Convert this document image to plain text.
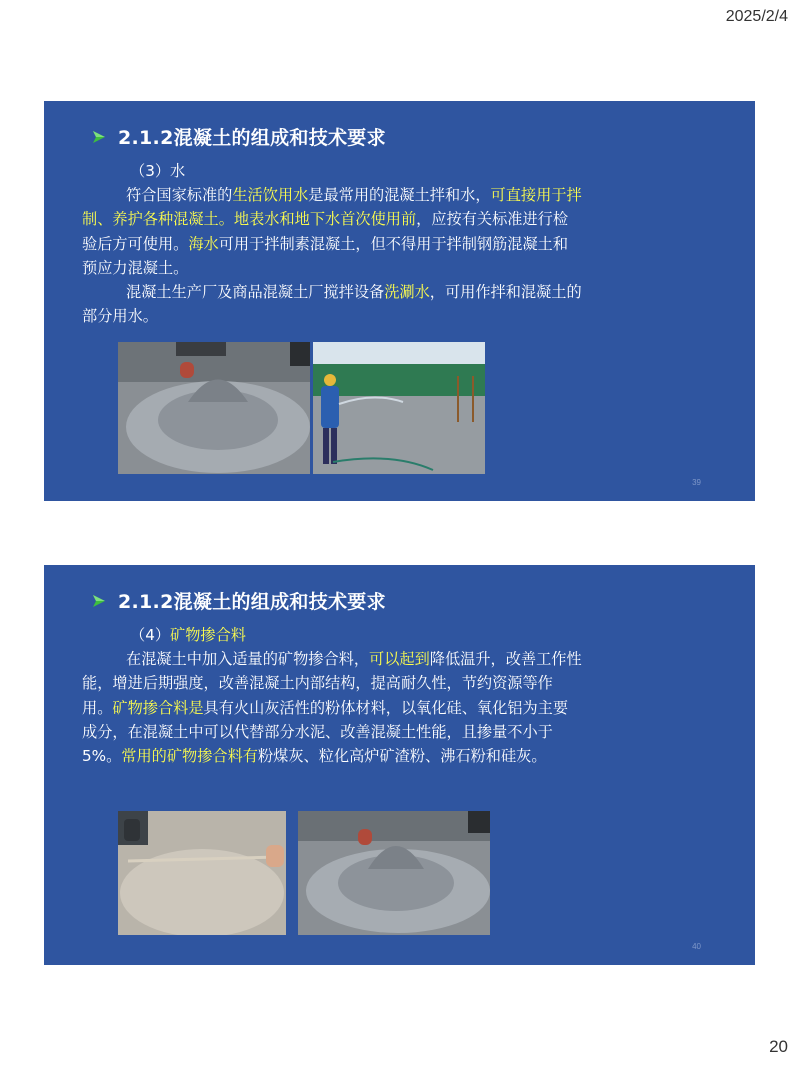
2025/2/4
2.1.2混凝土的组成和技术要求

（3）水

符合国家标准的生活饮用水是最常用的混凝土拌和水，可直接用于拌制、养护各种混凝土。地表水和地下水首次使用前，应按有关标准进行检验后方可使用。海水可用于拌制素混凝土，但不得用于拌制钢筋混凝土和预应力混凝土。

混凝土生产厂及商品混凝土厂搅拌设备洗涮水，可用作拌和混凝土的部分用水。

39
2.1.2混凝土的组成和技术要求

（4）矿物掺合料

在混凝土中加入适量的矿物掺合料，可以起到降低温升，改善工作性能，增进后期强度，改善混凝土内部结构，提高耐久性，节约资源等作用。矿物掺合料是具有火山灰活性的粉体材料，以氧化硅、氧化铝为主要成分，在混凝土中可以代替部分水泥、改善混凝土性能，且掺量不小于5%。常用的矿物掺合料有粉煤灰、粒化高炉矿渣粉、沸石粉和硅灰。

40
20
